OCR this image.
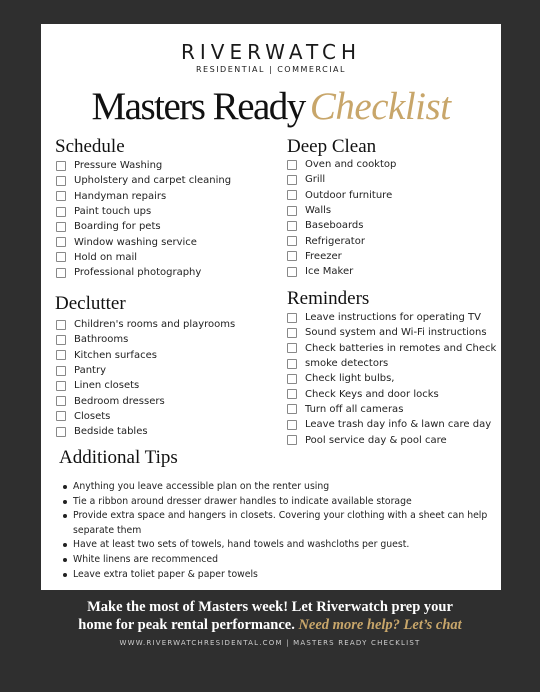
RIVERWATCH
RESIDENTIAL | COMMERCIAL
Masters Ready Checklist
Schedule
Pressure Washing
Upholstery and carpet cleaning
Handyman repairs
Paint touch ups
Boarding for pets
Window washing service
Hold on mail
Professional photography
Deep Clean
Oven and cooktop
Grill
Outdoor furniture
Walls
Baseboards
Refrigerator
Freezer
Ice Maker
Declutter
Children's rooms and playrooms
Bathrooms
Kitchen surfaces
Pantry
Linen closets
Bedroom dressers
Closets
Bedside tables
Reminders
Leave instructions for operating TV
Sound system and Wi-Fi instructions
Check batteries in remotes and Check
smoke detectors
Check light bulbs,
Check Keys and door locks
Turn off all cameras
Leave trash day info & lawn care day
Pool service day & pool care
Additional Tips
Anything you leave accessible plan on the renter using
Tie a ribbon around dresser drawer handles to indicate available storage
Provide extra space and hangers in closets. Covering your clothing with a sheet can help separate them
Have at least two sets of towels, hand towels and washcloths per guest.
White linens are recommenced
Leave extra toliet paper & paper towels
Make the most of Masters week! Let Riverwatch prep your
home for peak rental performance. Need more help? Let’s chat
WWW.RIVERWATCHRESIDENTAL.COM | MASTERS READY CHECKLIST
